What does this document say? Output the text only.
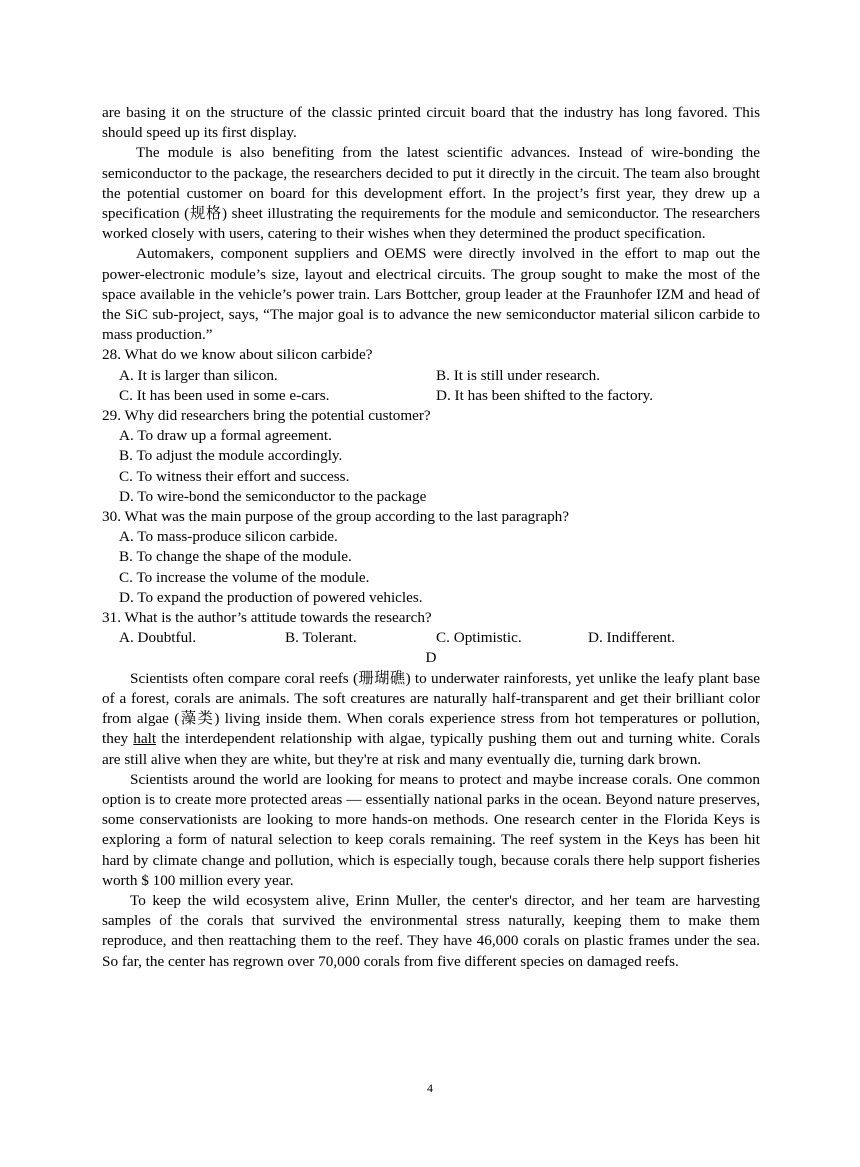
are basing it on the structure of the classic printed circuit board that the industry has long favored. This should speed up its first display.

The module is also benefiting from the latest scientific advances. Instead of wire-bonding the semiconductor to the package, the researchers decided to put it directly in the circuit. The team also brought the potential customer on board for this development effort. In the project’s first year, they drew up a specification (规格) sheet illustrating the requirements for the module and semiconductor. The researchers worked closely with users, catering to their wishes when they determined the product specification.

Automakers, component suppliers and OEMS were directly involved in the effort to map out the power-electronic module’s size, layout and electrical circuits. The group sought to make the most of the space available in the vehicle’s power train. Lars Bottcher, group leader at the Fraunhofer IZM and head of the SiC sub-project, says, “The major goal is to advance the new semiconductor material silicon carbide to mass production.”

28. What do we know about silicon carbide?

A. It is larger than silicon.	B. It is still under research.
C. It has been used in some e-cars.	D. It has been shifted to the factory.

29. Why did researchers bring the potential customer?

A. To draw up a formal agreement.

B. To adjust the module accordingly.

C. To witness their effort and success.

D. To wire-bond the semiconductor to the package

30. What was the main purpose of the group according to the last paragraph?

A. To mass-produce silicon carbide.

B. To change the shape of the module.

C. To increase the volume of the module.

D. To expand the production of powered vehicles.

31. What is the author’s attitude towards the research?

A. Doubtful.	B. Tolerant.	C. Optimistic.	D. Indifferent.

D

Scientists often compare coral reefs (珊瑚礁) to underwater rainforests, yet unlike the leafy plant base of a forest, corals are animals. The soft creatures are naturally half-transparent and get their brilliant color from algae (藻类) living inside them. When corals experience stress from hot temperatures or pollution, they halt the interdependent relationship with algae, typically pushing them out and turning white. Corals are still alive when they are white, but they're at risk and many eventually die, turning dark brown.

Scientists around the world are looking for means to protect and maybe increase corals. One common option is to create more protected areas — essentially national parks in the ocean. Beyond nature preserves, some conservationists are looking to more hands-on methods. One research center in the Florida Keys is exploring a form of natural selection to keep corals remaining. The reef system in the Keys has been hit hard by climate change and pollution, which is especially tough, because corals there help support fisheries worth $ 100 million every year.

To keep the wild ecosystem alive, Erinn Muller, the center's director, and her team are harvesting samples of the corals that survived the environmental stress naturally, keeping them to make them reproduce, and then reattaching them to the reef. They have 46,000 corals on plastic frames under the sea. So far, the center has regrown over 70,000 corals from five different species on damaged reefs.

4
